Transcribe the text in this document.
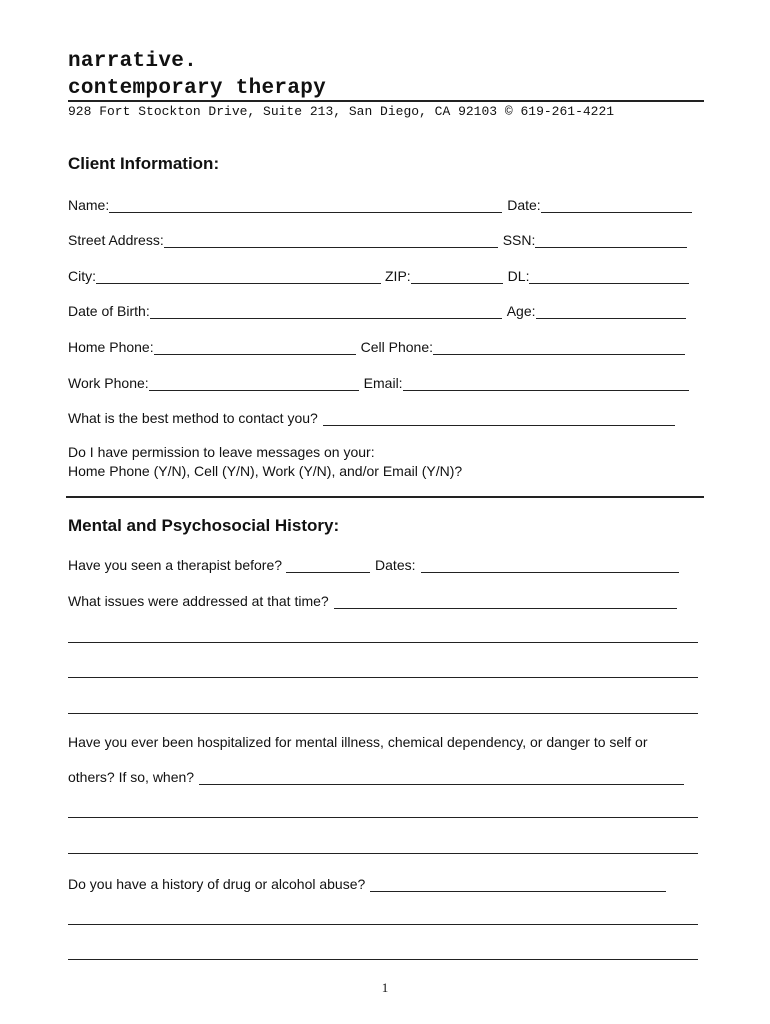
narrative.
contemporary therapy
928 Fort Stockton Drive, Suite 213, San Diego, CA 92103 © 619-261-4221
Client Information:
Name:	Date:
Street Address:	SSN:
City:	ZIP:	DL:
Date of Birth:	Age:
Home Phone:	Cell Phone:
Work Phone:	Email:
What is the best method to contact you?
Do I have permission to leave messages on your:
Home Phone (Y/N), Cell (Y/N), Work (Y/N), and/or Email (Y/N)?
Mental and Psychosocial History:
Have you seen a therapist before?	Dates:
What issues were addressed at that time?
Have you ever been hospitalized for mental illness, chemical dependency, or danger to self or
others? If so, when?
Do you have a history of drug or alcohol abuse?
1
